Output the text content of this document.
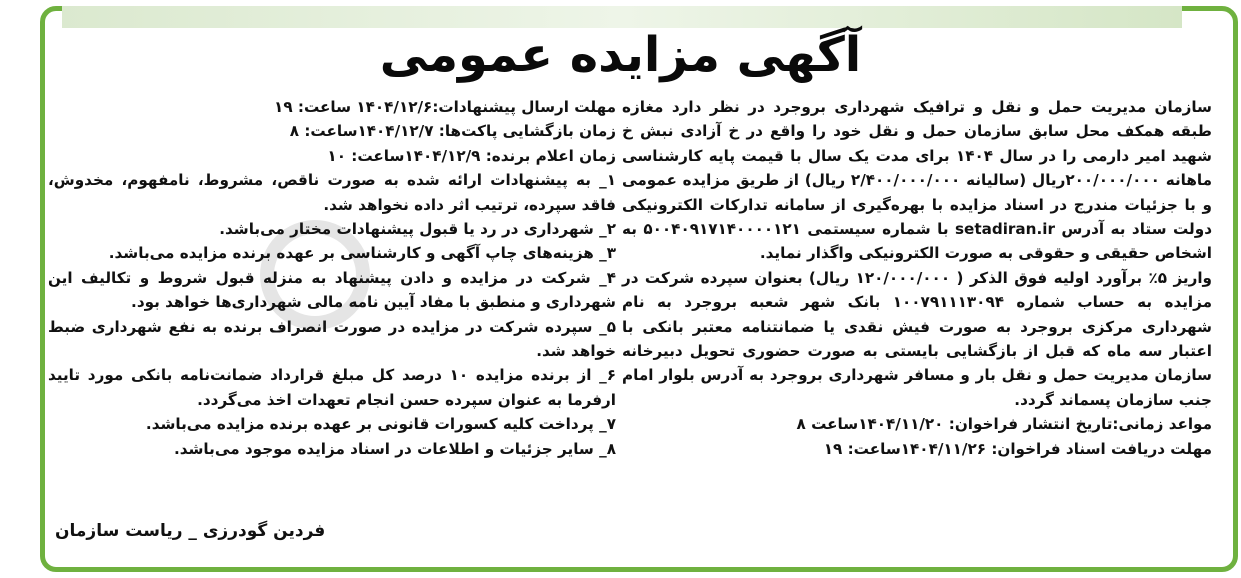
آگهی مزایده عمومی
سازمان مدیریت حمل و نقل و ترافیک شهرداری بروجرد در نظر دارد مغازه طبقه همکف محل سابق سازمان حمل و نقل خود را واقع در خ آزادی نبش خ شهید امیر دارمی را در سال ۱۴۰۴ برای مدت یک سال با قیمت پایه کارشناسی ماهانه ۲۰۰/۰۰۰/۰۰۰ریال (سالیانه ۲/۴۰۰/۰۰۰/۰۰۰ ریال) از طریق مزایده عمومی و با جزئیات مندرج در اسناد مزایده با بهره‌گیری از سامانه تدارکات الکترونیکی دولت ستاد به آدرس setadiran.ir با شماره سیستمی ۵۰۰۴۰۹۱۷۱۴۰۰۰۰۱۲۱ به اشخاص حقیقی و حقوقی به صورت الکترونیکی واگذار نماید.
واریز ۵٪ برآورد اولیه فوق الذکر ( ۱۲۰/۰۰۰/۰۰۰ ریال) بعنوان سپرده شرکت در مزایده به حساب شماره ۱۰۰۷۹۱۱۱۳۰۹۴ بانک شهر شعبه بروجرد به نام شهرداری مرکزی بروجرد به صورت فیش نقدی یا ضمانتنامه معتبر بانکی با اعتبار سه ماه که قبل از بازگشایی بایستی به صورت حضوری تحویل دبیرخانه سازمان مدیریت حمل و نقل بار و مسافر شهرداری بروجرد به آدرس بلوار امام جنب سازمان پسماند گردد.
مواعد زمانی:تاریخ انتشار فراخوان: ۱۴۰۴/۱۱/۲۰ساعت ۸
مهلت دریافت اسناد فراخوان: ۱۴۰۴/۱۱/۲۶ساعت: ۱۹
مهلت ارسال پیشنهادات:۱۴۰۴/۱۲/۶ ساعت: ۱۹
زمان بازگشایی پاکت‌ها: ۱۴۰۴/۱۲/۷ساعت: ۸
زمان اعلام برنده: ۱۴۰۴/۱۲/۹ساعت: ۱۰
۱_ به پیشنهادات ارائه شده به صورت ناقص، مشروط، نامفهوم، مخدوش، فاقد سپرده، ترتیب اثر داده نخواهد شد.
۲_ شهرداری در رد یا قبول پیشنهادات مختار می‌باشد.
۳_ هزینه‌های چاپ آگهی و کارشناسی بر عهده برنده مزایده می‌باشد.
۴_ شرکت در مزایده و دادن پیشنهاد به منزله قبول شروط و تکالیف این شهرداری و منطبق با مفاد آیین نامه مالی شهرداری‌ها خواهد بود.
۵_ سپرده شرکت در مزایده در صورت انصراف برنده به نفع شهرداری ضبط خواهد شد.
۶_ از برنده مزایده ۱۰ درصد کل مبلغ قرارداد ضمانت‌نامه بانکی مورد تایید ارفرما به عنوان سپرده حسن انجام تعهدات اخذ می‌گردد.
۷_ پرداخت کلیه کسورات قانونی بر عهده برنده مزایده می‌باشد.
۸_ سایر جزئیات و اطلاعات در اسناد مزایده موجود می‌باشد.
فردین گودرزی _ ریاست سازمان
